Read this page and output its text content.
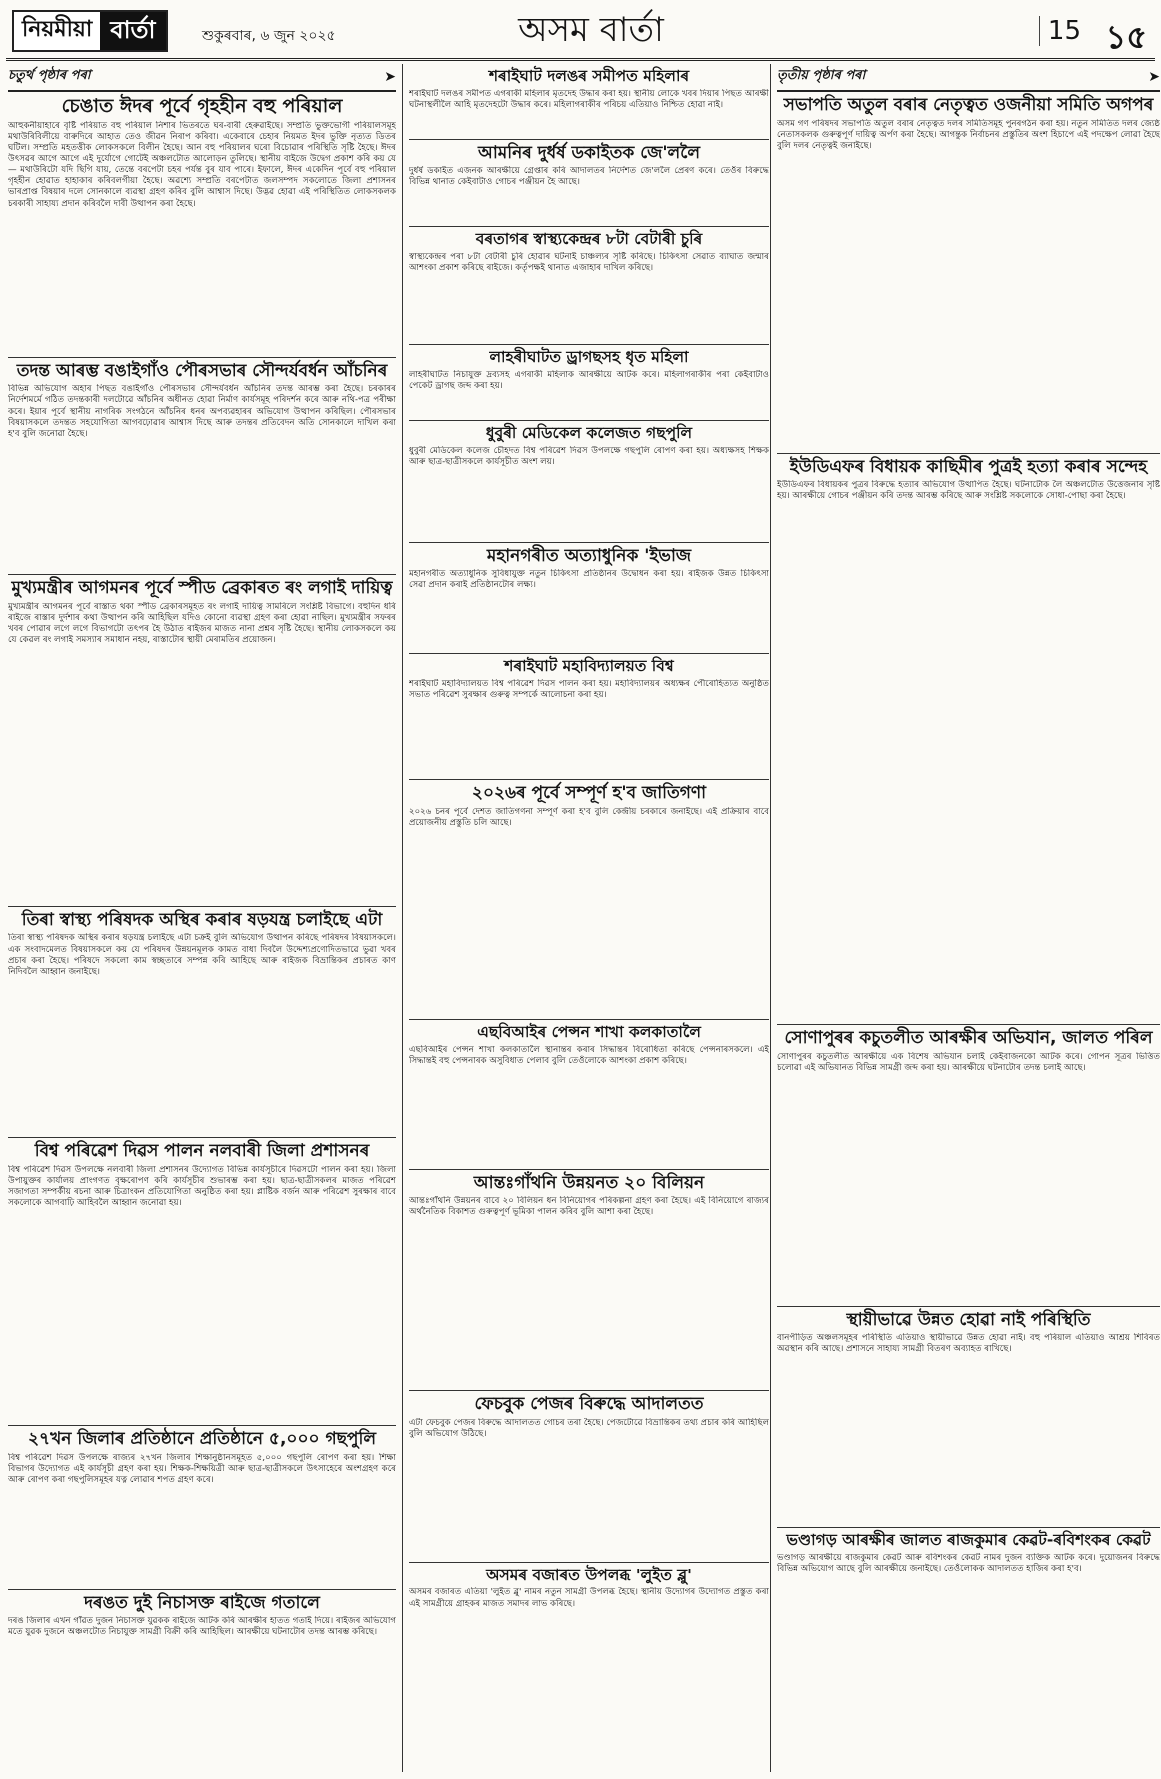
নিয়মীয়া বাৰ্তা	শুকুৰবাৰ, ৬ জুন ২০২৫	অসম বাৰ্তা	15 ১৫
চতুৰ্থ পৃষ্ঠাৰ পৰা	➤
চেঙাত ঈদৰ পূৰ্বে গৃহহীন বহু পৰিয়াল
আহুকনীয়াহাৰে বৃষ্টি পৰিয়াত বহু পৰিয়াল নিশাৰ ভিতৰতে ঘৰ-বাৰী হেৰুৱাইছে। সম্প্ৰতি ভুক্তভোগী পৰিয়ালসমূহ মথাউৰিবিলীয়ে বাৰুদিৰে আহাত তেও জীৱন নিৰাপ কৰিবা। একেবাৰে চেহাৰ নিয়মত ইদৰ ভুক্তি নৃত্যত ডিতৰ ঘটিল। সম্প্ৰতি মহতত্তীক লোকসকলে বিলীন হৈছে। আন বহু পৰিয়ালৰ ঘৰো বিচোৱাৰ পৰিস্থিতি সৃষ্টি হৈছে। ঈদৰ উৎসৱৰ আগে আগে এই দুৰ্যোগে গোটেই অঞ্চলটোত আলোড়ন তুলিছে। স্থানীয় বাইজে উদ্বেগ প্ৰকাশ কৰি কয় যে — মথাউৰিটো যদি ছিগি যায়, তেন্তে বৰপেটা চহৰ পৰ্যন্ত বুৰ যাব পাৰে। ইফালে, ঈদৰ একেদিন পূৰ্বে বহু পৰিয়াল গৃহহীন হোৱাত হাহাকাৰ কৰিবলগীয়া হৈছে। অৱশ্যে সম্প্ৰতি বৰপেটাত জলসম্পদ সকলোতে জিলা প্ৰশাসনৰ ভাৰপ্ৰাপ্ত বিষয়াৰ দলে সোনকালে ব্যৱস্থা গ্ৰহণ কৰিব বুলি আশ্বাস দিছে। উদ্ভৱ হোৱা এই পৰিস্থিতিত লোকসকলক চৰকাৰী সাহায্য প্ৰদান কৰিবলৈ দাবী উত্থাপন কৰা হৈছে।
তদন্ত আৰম্ভ বঙাইগাঁও পৌৰসভাৰ সৌন্দৰ্যবৰ্ধন আঁচনিৰ
বিভিন্ন অভিযোগ অহাৰ পিছত বঙাইগাঁও পৌৰসভাৰ সৌন্দৰ্যবৰ্ধন আঁচনিৰ তদন্ত আৰম্ভ কৰা হৈছে। চৰকাৰৰ নিৰ্দেশমৰ্মে গঠিত তদন্তকাৰী দলটোৱে আঁচনিৰ অধীনত হোৱা নিৰ্মাণ কাৰ্যসমূহ পৰিদৰ্শন কৰে আৰু নথি-পত্ৰ পৰীক্ষা কৰে। ইয়াৰ পূৰ্বে স্থানীয় নাগৰিক সংগঠনে আঁচনিৰ ধনৰ অপব্যৱহাৰৰ অভিযোগ উত্থাপন কৰিছিল। পৌৰসভাৰ বিষয়াসকলে তদন্তত সহযোগিতা আগবঢ়োৱাৰ আশ্বাস দিছে আৰু তদন্তৰ প্ৰতিবেদন অতি সোনকালে দাখিল কৰা হ'ব বুলি জনোৱা হৈছে।
মুখ্যমন্ত্ৰীৰ আগমনৰ পূৰ্বে স্পীড ব্ৰেকাৰত ৰং লগাই দায়িত্ব
মুখ্যমন্ত্ৰীৰ আগমনৰ পূৰ্বে ৰাস্তাত থকা স্পীড ব্ৰেকাৰসমূহত ৰং লগাই দায়িত্ব সামৰিলে সংশ্লিষ্ট বিভাগে। বহুদিন ধৰি ৰাইজে ৰাস্তাৰ দুৰ্দশাৰ কথা উত্থাপন কৰি আহিছিল যদিও কোনো ব্যৱস্থা গ্ৰহণ কৰা হোৱা নাছিল। মুখ্যমন্ত্ৰীৰ সফৰৰ খবৰ পোৱাৰ লগে লগে বিভাগটো তৎপৰ হৈ উঠাত ৰাইজৰ মাজত নানা প্ৰশ্নৰ সৃষ্টি হৈছে। স্থানীয় লোকসকলে কয় যে কেৱল ৰং লগাই সমস্যাৰ সমাধান নহয়, ৰাস্তাটোৰ স্থায়ী মেৰামতিৰ প্ৰয়োজন।
তিৰা স্বাস্থ্য পৰিষদক অস্থিৰ কৰাৰ ষড়যন্ত্ৰ চলাইছে এটা
তিৰা স্বাস্থ্য পৰিষদক অস্থিৰ কৰাৰ ষড়যন্ত্ৰ চলাইছে এটা চক্ৰই বুলি অভিযোগ উত্থাপন কৰিছে পৰিষদৰ বিষয়াসকলে। এক সংবাদমেলত বিষয়াসকলে কয় যে পৰিষদৰ উন্নয়নমূলক কামত বাধা দিবলৈ উদ্দেশ্যপ্ৰণোদিতভাৱে ভুৱা খবৰ প্ৰচাৰ কৰা হৈছে। পৰিষদে সকলো কাম স্বচ্ছতাৰে সম্পন্ন কৰি আহিছে আৰু ৰাইজক বিভ্ৰান্তিকৰ প্ৰচাৰত কাণ নিদিবলৈ আহ্বান জনাইছে।
বিশ্ব পৰিৱেশ দিৱস পালন নলবাৰী জিলা প্ৰশাসনৰ
বিশ্ব পৰিৱেশ দিৱস উপলক্ষে নলবাৰী জিলা প্ৰশাসনৰ উদ্যোগত বিভিন্ন কাৰ্যসূচীৰে দিৱসটো পালন কৰা হয়। জিলা উপায়ুক্তৰ কাৰ্যালয় প্ৰাংগণত বৃক্ষৰোপণ কৰি কাৰ্যসূচীৰ শুভাৰম্ভ কৰা হয়। ছাত্ৰ-ছাত্ৰীসকলৰ মাজত পৰিৱেশ সজাগতা সম্পৰ্কীয় ৰচনা আৰু চিত্ৰাংকন প্ৰতিযোগিতা অনুষ্ঠিত কৰা হয়। প্লাষ্টিক বৰ্জন আৰু পৰিৱেশ সুৰক্ষাৰ বাবে সকলোকে আগবাঢ়ি আহিবলৈ আহ্বান জনোৱা হয়।
২৭খন জিলাৰ প্ৰতিষ্ঠানে প্ৰতিষ্ঠানে ৫,০০০ গছপুলি
বিশ্ব পৰিৱেশ দিৱস উপলক্ষে ৰাজ্যৰ ২৭খন জিলাৰ শিক্ষানুষ্ঠানসমূহত ৫,০০০ গছপুলি ৰোপণ কৰা হয়। শিক্ষা বিভাগৰ উদ্যোগত এই কাৰ্যসূচী গ্ৰহণ কৰা হয়। শিক্ষক-শিক্ষয়িত্ৰী আৰু ছাত্ৰ-ছাত্ৰীসকলে উৎসাহেৰে অংশগ্ৰহণ কৰে আৰু ৰোপণ কৰা গছপুলিসমূহৰ যত্ন লোৱাৰ শপত গ্ৰহণ কৰে।
দৰঙত দুই নিচাসক্ত ৰাইজে গতালে
দৰঙ জিলাৰ এখন গাঁৱত দুজন নিচাসক্ত যুৱকক ৰাইজে আটক কৰি আৰক্ষীৰ হাতত গতাই দিয়ে। ৰাইজৰ অভিযোগ মতে যুৱক দুজনে অঞ্চলটোত নিচাযুক্ত সামগ্ৰী বিক্ৰী কৰি আহিছিল। আৰক্ষীয়ে ঘটনাটোৰ তদন্ত আৰম্ভ কৰিছে।
শৰাইঘাট দলঙৰ সমীপত মহিলাৰ
শৰাইঘাট দলঙৰ সমীপত এগৰাকী মহিলাৰ মৃতদেহ উদ্ধাৰ কৰা হয়। স্থানীয় লোকে খবৰ দিয়াৰ পিছত আৰক্ষী ঘটনাস্থলীলৈ আহি মৃতদেহটো উদ্ধাৰ কৰে। মহিলাগৰাকীৰ পৰিচয় এতিয়াও নিশ্চিত হোৱা নাই।
আমনিৰ দুৰ্ধৰ্ষ ডকাইতক জে'ললৈ
দুৰ্ধৰ্ষ ডকাইত এজনক আৰক্ষীয়ে গ্ৰেপ্তাৰ কৰি আদালতৰ নিৰ্দেশত জে'ললৈ প্ৰেৰণ কৰে। তেওঁৰ বিৰুদ্ধে বিভিন্ন থানাত কেইবাটাও গোচৰ পঞ্জীয়ন হৈ আছে।
বৰতাগৰ স্বাস্থ্যকেন্দ্ৰৰ ৮টা বেটাৰী চুৰি
স্বাস্থ্যকেন্দ্ৰৰ পৰা ৮টা বেটাৰী চুৰি হোৱাৰ ঘটনাই চাঞ্চল্যৰ সৃষ্টি কৰিছে। চিকিৎসা সেৱাত ব্যাঘাত জন্মাৰ আশংকা প্ৰকাশ কৰিছে ৰাইজে। কৰ্তৃপক্ষই থানাত এজাহাৰ দাখিল কৰিছে।
লাহৰীঘাটত ড্ৰাগছসহ ধৃত মহিলা
লাহৰীঘাটত নিচাযুক্ত দ্ৰব্যসহ এগৰাকী মহিলাক আৰক্ষীয়ে আটক কৰে। মহিলাগৰাকীৰ পৰা কেইবাটাও পেকেট ড্ৰাগছ জব্দ কৰা হয়।
ধুবুৰী মেডিকেল কলেজত গছপুলি
ধুবুৰী মেডিকেল কলেজ চৌহদত বিশ্ব পৰিৱেশ দিৱস উপলক্ষে গছপুলি ৰোপণ কৰা হয়। অধ্যক্ষসহ শিক্ষক আৰু ছাত্ৰ-ছাত্ৰীসকলে কাৰ্যসূচীত অংশ লয়।
মহানগৰীত অত্যাধুনিক 'ইভাজ
মহানগৰীত অত্যাধুনিক সুবিধাযুক্ত নতুন চিকিৎসা প্ৰতিষ্ঠানৰ উদ্বোধন কৰা হয়। ৰাইজক উন্নত চিকিৎসা সেৱা প্ৰদান কৰাই প্ৰতিষ্ঠানটোৰ লক্ষ্য।
শৰাইঘাট মহাবিদ্যালয়ত বিশ্ব
শৰাইঘাট মহাবিদ্যালয়ত বিশ্ব পৰিৱেশ দিৱস পালন কৰা হয়। মহাবিদ্যালয়ৰ অধ্যক্ষৰ পৌৰোহিত্যত অনুষ্ঠিত সভাত পৰিৱেশ সুৰক্ষাৰ গুৰুত্ব সম্পৰ্কে আলোচনা কৰা হয়।
২০২৬ৰ পূৰ্বে সম্পূৰ্ণ হ'ব জাতিগণা
২০২৬ চনৰ পূৰ্বে দেশত জাতিগণনা সম্পূৰ্ণ কৰা হ'ব বুলি কেন্দ্ৰীয় চৰকাৰে জনাইছে। এই প্ৰক্ৰিয়াৰ বাবে প্ৰয়োজনীয় প্ৰস্তুতি চলি আছে।
এছবিআইৰ পেন্সন শাখা কলকাতালৈ
এছবিআইৰ পেন্সন শাখা কলকাতালৈ স্থানান্তৰ কৰাৰ সিদ্ধান্তৰ বিৰোধিতা কৰিছে পেন্সনাৰসকলে। এই সিদ্ধান্তই বহু পেন্সনাৰক অসুবিধাত পেলাব বুলি তেওঁলোকে আশংকা প্ৰকাশ কৰিছে।
আন্তঃগাঁথনি উন্নয়নত ২০ বিলিয়ন
আন্তঃগাঁথনি উন্নয়নৰ বাবে ২০ বিলিয়ন ধন বিনিয়োগৰ পৰিকল্পনা গ্ৰহণ কৰা হৈছে। এই বিনিয়োগে ৰাজ্যৰ অৰ্থনৈতিক বিকাশত গুৰুত্বপূৰ্ণ ভূমিকা পালন কৰিব বুলি আশা কৰা হৈছে।
ফেচবুক পেজৰ বিৰুদ্ধে আদালতত
এটা ফেচবুক পেজৰ বিৰুদ্ধে আদালতত গোচৰ তৰা হৈছে। পেজটোৱে বিভ্ৰান্তিকৰ তথ্য প্ৰচাৰ কৰি আহিছিল বুলি অভিযোগ উঠিছে।
অসমৰ বজাৰত উপলব্ধ 'লুইত ব্লু'
অসমৰ বজাৰত এতিয়া 'লুইত ব্লু' নামৰ নতুন সামগ্ৰী উপলব্ধ হৈছে। স্থানীয় উদ্যোগৰ উদ্যোগত প্ৰস্তুত কৰা এই সামগ্ৰীয়ে গ্ৰাহকৰ মাজত সমাদৰ লাভ কৰিছে।
তৃতীয় পৃষ্ঠাৰ পৰা	➤
সভাপতি অতুল বৰাৰ নেতৃত্বত ওজনীয়া সমিতি অগপৰ
অসম গণ পৰিষদৰ সভাপতি অতুল বৰাৰ নেতৃত্বত দলৰ সমিতিসমূহ পুনৰগঠন কৰা হয়। নতুন সমিতিত দলৰ জ্যেষ্ঠ নেতাসকলক গুৰুত্বপূৰ্ণ দায়িত্ব অৰ্পণ কৰা হৈছে। আগন্তুক নিৰ্বাচনৰ প্ৰস্তুতিৰ অংশ হিচাপে এই পদক্ষেপ লোৱা হৈছে বুলি দলৰ নেতৃত্বই জনাইছে।
ইউডিএফৰ বিধায়ক কাছিমীৰ পুত্ৰই হত্যা কৰাৰ সন্দেহ
ইউডিএফৰ বিধায়কৰ পুত্ৰৰ বিৰুদ্ধে হত্যাৰ অভিযোগ উত্থাপিত হৈছে। ঘটনাটোক লৈ অঞ্চলটোত উত্তেজনাৰ সৃষ্টি হয়। আৰক্ষীয়ে গোচৰ পঞ্জীয়ন কৰি তদন্ত আৰম্ভ কৰিছে আৰু সংশ্লিষ্ট সকলোকে সোধা-পোছা কৰা হৈছে।
সোণাপুৰৰ কচুতলীত আৰক্ষীৰ অভিযান, জালত পৰিল
সোণাপুৰৰ কচুতলীত আৰক্ষীয়ে এক বিশেষ অভিযান চলাই কেইবাজনকো আটক কৰে। গোপন সূত্ৰৰ ভিত্তিত চলোৱা এই অভিযানত বিভিন্ন সামগ্ৰী জব্দ কৰা হয়। আৰক্ষীয়ে ঘটনাটোৰ তদন্ত চলাই আছে।
স্থায়ীভাৱে উন্নত হোৱা নাই পৰিস্থিতি
বানপীড়িত অঞ্চলসমূহৰ পৰিস্থিতি এতিয়াও স্থায়ীভাৱে উন্নত হোৱা নাই। বহু পৰিয়াল এতিয়াও আশ্ৰয় শিবিৰত অৱস্থান কৰি আছে। প্ৰশাসনে সাহায্য সামগ্ৰী বিতৰণ অব্যাহত ৰাখিছে।
ভণ্ডাগড় আৰক্ষীৰ জালত ৰাজকুমাৰ কেৱট-ৰবিশংকৰ কেৱট
ভণ্ডাগড় আৰক্ষীয়ে ৰাজকুমাৰ কেৱট আৰু ৰবিশংকৰ কেৱট নামৰ দুজন ব্যক্তিক আটক কৰে। দুয়োজনৰ বিৰুদ্ধে বিভিন্ন অভিযোগ আছে বুলি আৰক্ষীয়ে জনাইছে। তেওঁলোকক আদালতত হাজিৰ কৰা হ'ব।
